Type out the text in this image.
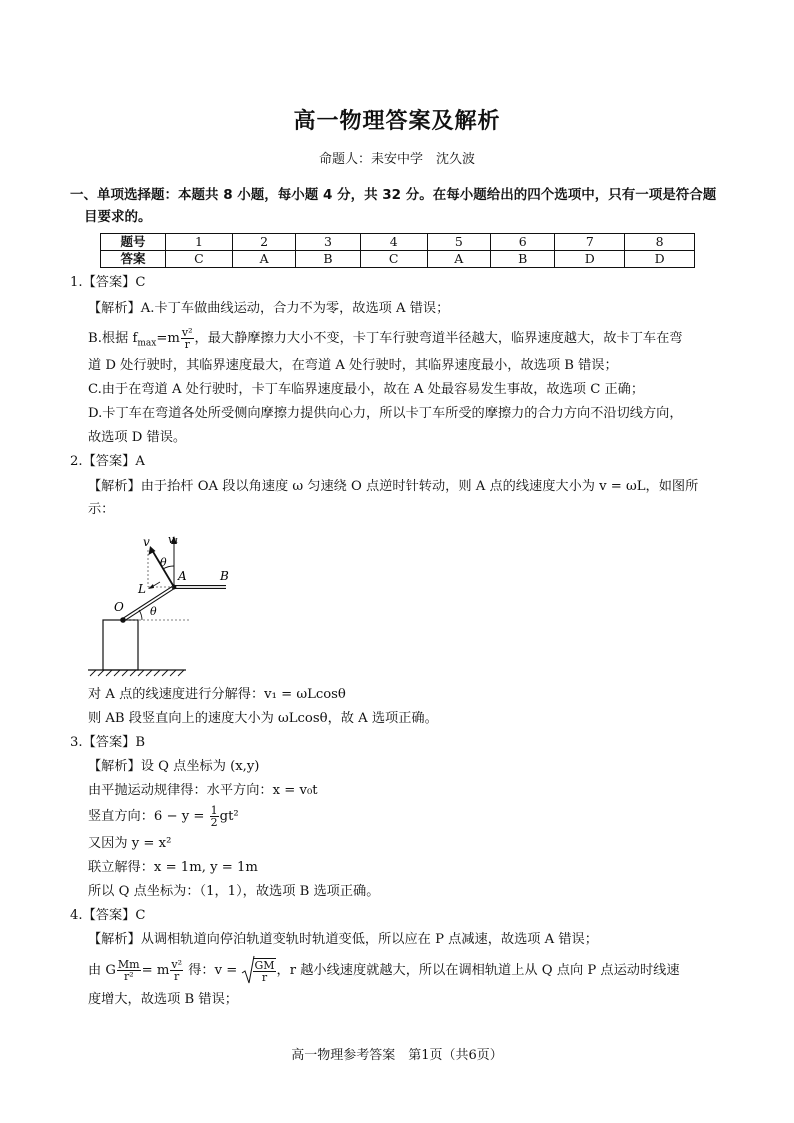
高一物理答案及解析
命题人：耒安中学　沈久波
一、单项选择题：本题共 8 小题，每小题 4 分，共 32 分。在每小题给出的四个选项中，只有一项是符合题
目要求的。
题号	1	2	3	4	5	6	7	8
答案	C	A	B	C	A	B	D	D
1.【答案】C
【解析】A.卡丁车做曲线运动，合力不为零，故选项 A 错误；
B.根据 $f_{max}=m \frac{\text{v²}}{r}$ ，最大静摩擦力大小不变，卡丁车行驶弯道半径越大，临界速度越大，故卡丁车在弯
道 D 处行驶时，其临界速度最大，在弯道 A 处行驶时，其临界速度最小，故选项 B 错误；
C.由于在弯道 A 处行驶时，卡丁车临界速度最小，故在 A 处最容易发生事故，故选项 C 正确；
D.卡丁车在弯道各处所受侧向摩擦力提供向心力，所以卡丁车所受的摩擦力的合力方向不沿切线方向，
故选项 D 错误。
2.【答案】A
【解析】由于抬杆 OA 段以角速度 ω 匀速绕 O 点逆时针转动，则 A 点的线速度大小为 v = ωL，如图所
示：
v v₁
θ
A	B
L
O θ
对 A 点的线速度进行分解得：v₁ = ωLcosθ
则 AB 段竖直向上的速度大小为 ωLcosθ，故 A 选项正确。
3.【答案】B
【解析】设 Q 点坐标为 (x,y)
由平抛运动规律得：水平方向：x = v₀t
竖直方向：$6 - y = \frac{1}{2} gt^2$
又因为 y = x²
联立解得：x = 1m, y = 1m
所以 Q 点坐标为：（1，1），故选项 B 选项正确。
4.【答案】C
【解析】从调相轨道向停泊轨道变轨时轨道变低，所以应在 P 点减速，故选项 A 错误；
由 G $\frac{Mm}{\text{r²}} = m \frac{\text{v²}}{r}$ 得：$v = \frac{GM}{r}$ ，r 越小线速度就越大，所以在调相轨道上从 Q 点向 P 点运动时线速
度增大，故选项 B 错误；
高一物理参考答案　第1页（共6页）
